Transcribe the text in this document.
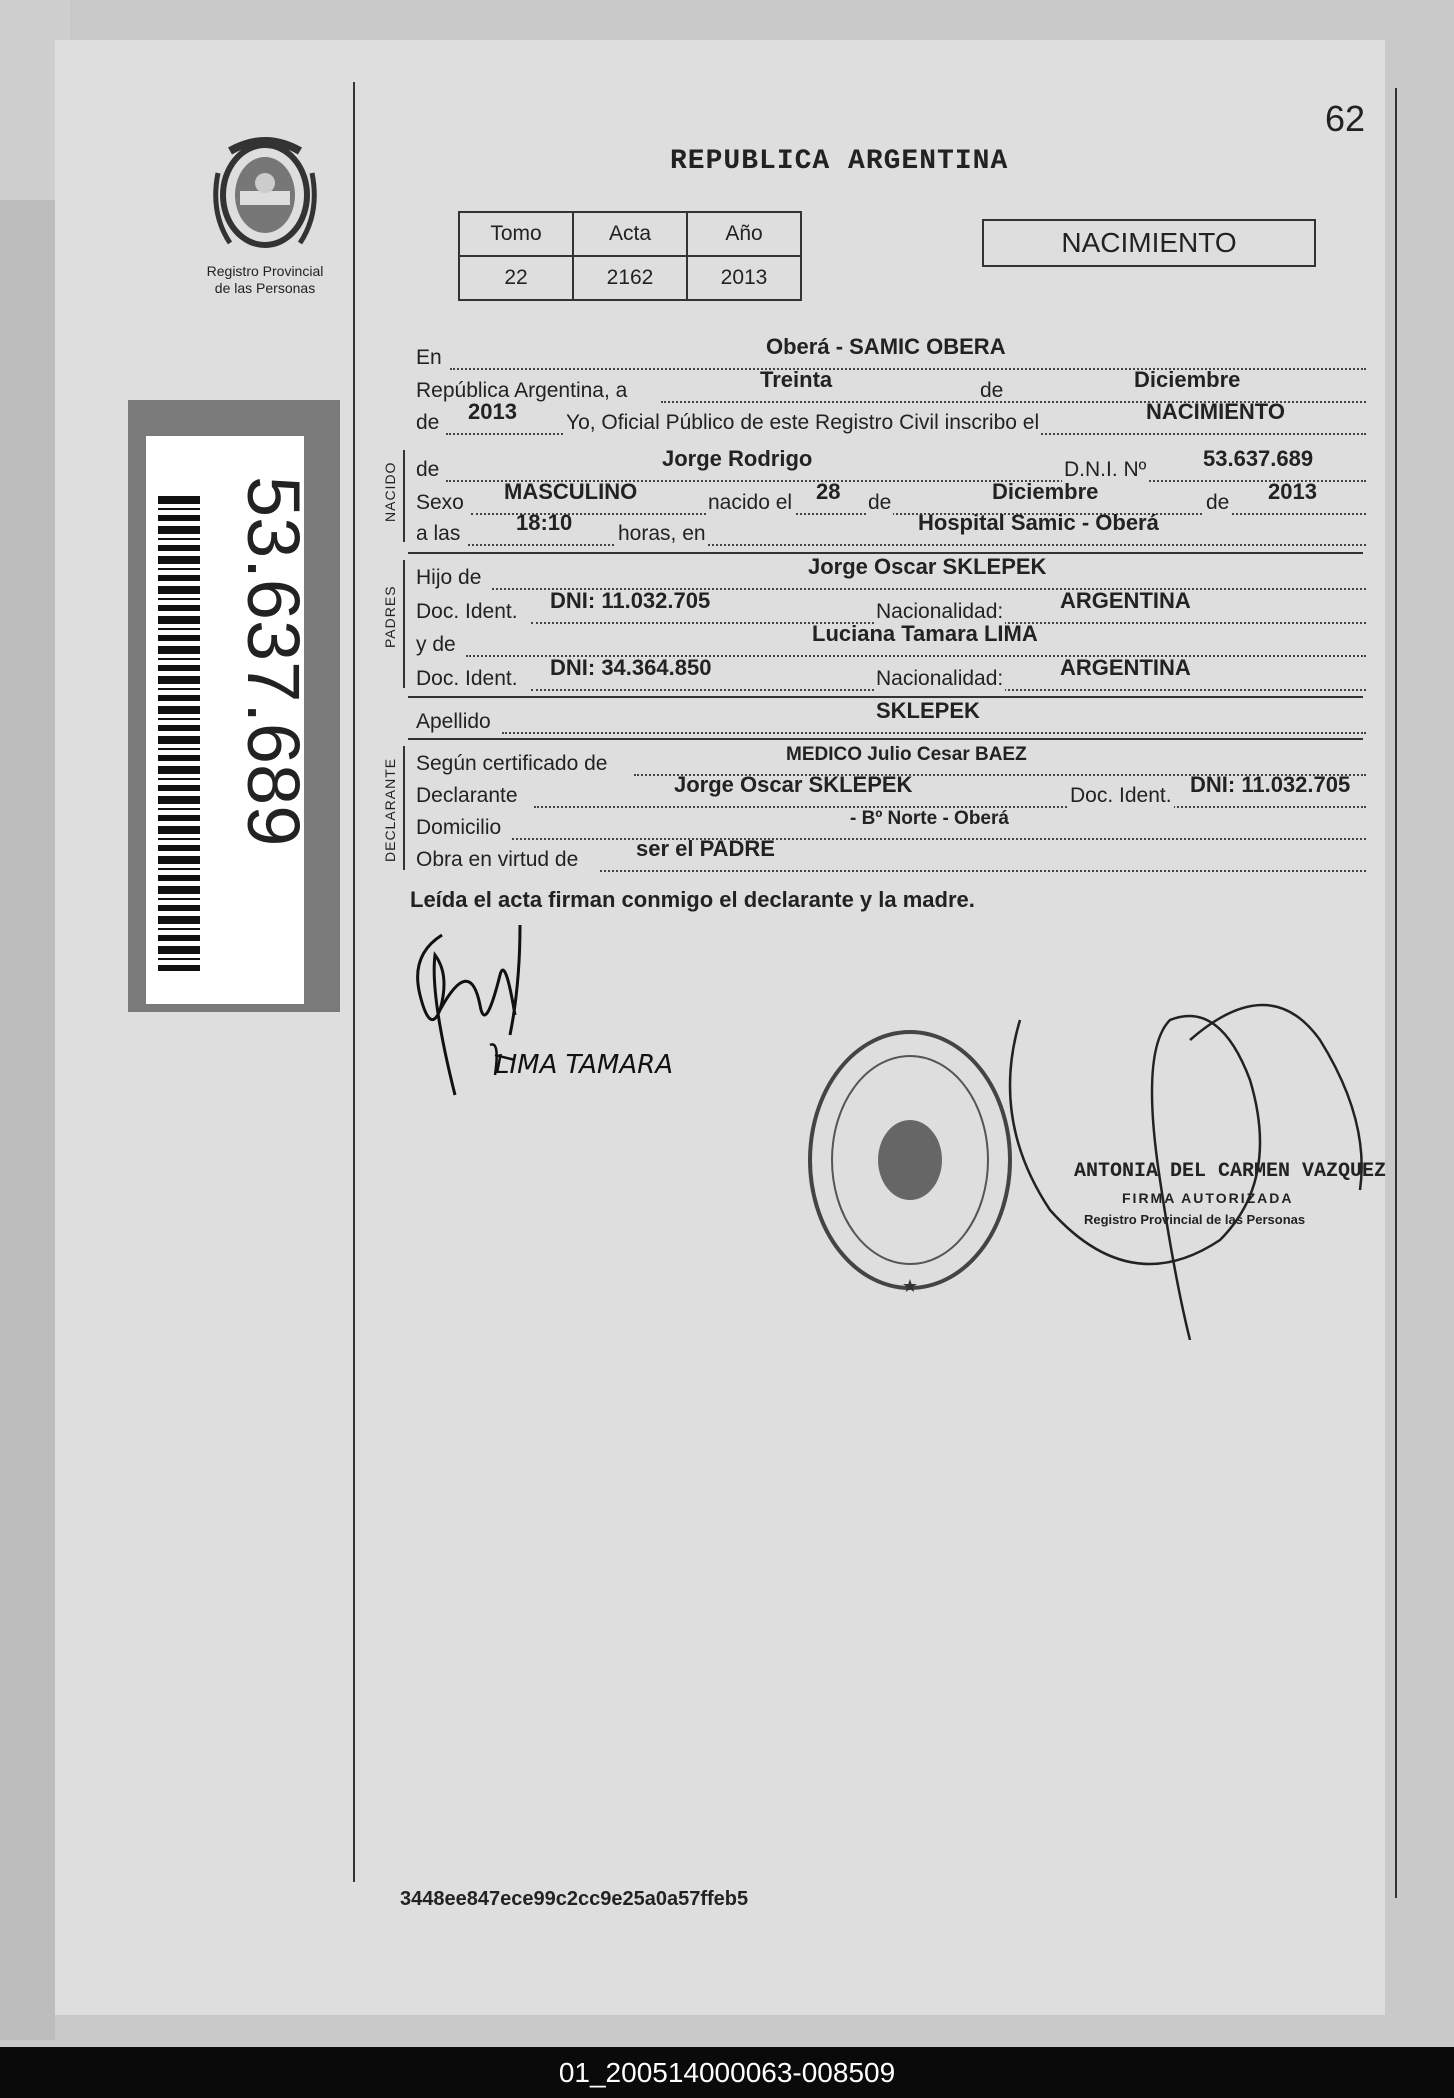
62
REPUBLICA ARGENTINA
Registro Provincial
de las Personas
Tomo	Acta	Año
22	2162	2013
NACIMIENTO
53.637.689
En	Oberá - SAMIC OBERA
República Argentina, a	Treinta	de	Diciembre
de 2013 Yo, Oficial Público de este Registro Civil inscribo el	NACIMIENTO
NACIDO de	Jorge Rodrigo	D.N.I. Nº	53.637.689
Sexo MASCULINO	nacido el 28 de	Diciembre	de 2013
a las	18:10 horas, en	Hospital Samic - Oberá
PADRES
Hijo de	Jorge Oscar SKLEPEK
Doc. Ident. DNI: 11.032.705	Nacionalidad:	ARGENTINA
y de	Luciana Tamara LIMA
Doc. Ident. DNI: 34.364.850	Nacionalidad:	ARGENTINA
Apellido	SKLEPEK
DECLARANTE Según certificado de	MEDICO Julio Cesar BAEZ
Declarante	Jorge Oscar SKLEPEK	Doc. Ident. DNI: 11.032.705
Domicilio	- Bº Norte - Oberá
Obra en virtud de	ser el PADRE
Leída el acta firman conmigo el declarante y la madre.
LIMA TAMARA
★
ANTONIA DEL CARMEN VAZQUEZ
FIRMA AUTORIZADA
Registro Provincial de las Personas
3448ee847ece99c2cc9e25a0a57ffeb5
01_200514000063-008509
